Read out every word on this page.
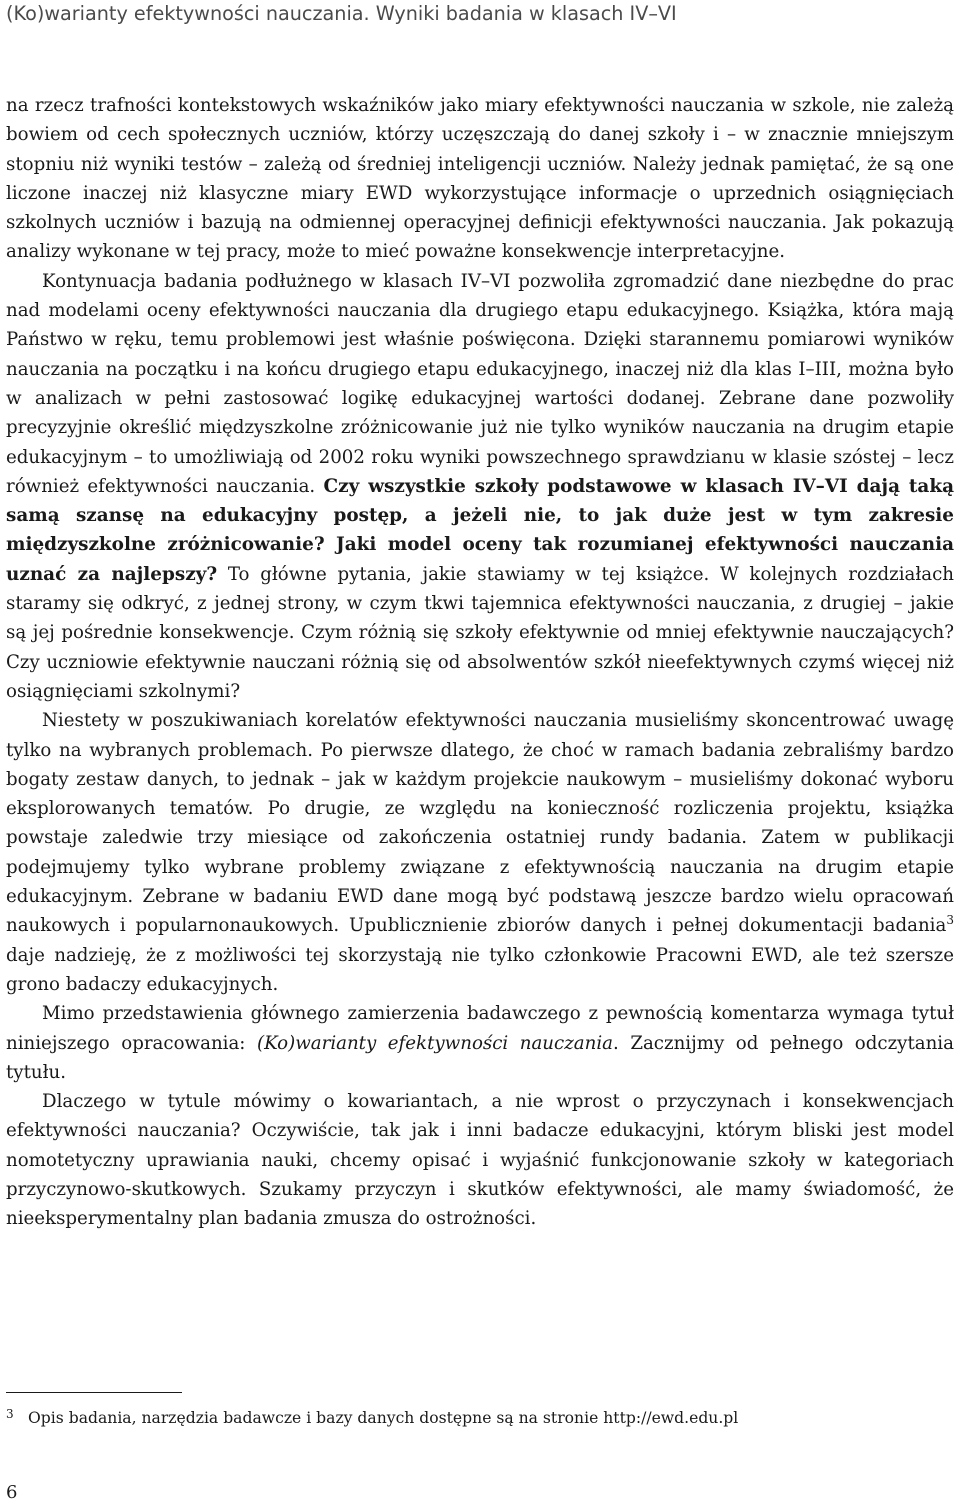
(Ko)warianty efektywności nauczania. Wyniki badania w klasach IV–VI

na rzecz trafności kontekstowych wskaźników jako miary efektywności nauczania w szkole, nie zależą bowiem od cech społecznych uczniów, którzy uczęszczają do danej szkoły i – w znacznie mniejszym stopniu niż wyniki testów – zależą od średniej inteligencji uczniów. Należy jednak pamiętać, że są one liczone inaczej niż klasyczne miary EWD wykorzystujące informacje o uprzednich osiągnięciach szkolnych uczniów i bazują na odmiennej operacyjnej definicji efektywności nauczania. Jak pokazują analizy wykonane w tej pracy, może to mieć poważne konsekwencje interpretacyjne.

Kontynuacja badania podłużnego w klasach IV–VI pozwoliła zgromadzić dane niezbędne do prac nad modelami oceny efektywności nauczania dla drugiego etapu edukacyjnego. Książka, która mają Państwo w ręku, temu problemowi jest właśnie poświęcona. Dzięki starannemu pomiarowi wyników nauczania na początku i na końcu drugiego etapu edukacyjnego, inaczej niż dla klas I–III, można było w analizach w pełni zastosować logikę edukacyjnej wartości dodanej. Zebrane dane pozwoliły precyzyjnie określić międzyszkolne zróżnicowanie już nie tylko wyników nauczania na drugim etapie edukacyjnym – to umożliwiają od 2002 roku wyniki powszechnego sprawdzianu w klasie szóstej – lecz również efektywności nauczania. Czy wszystkie szkoły podstawowe w klasach IV–VI dają taką samą szansę na edukacyjny postęp, a jeżeli nie, to jak duże jest w tym zakresie międzyszkolne zróżnicowanie? Jaki model oceny tak rozumianej efektywności nauczania uznać za najlepszy? To główne pytania, jakie stawiamy w tej książce. W kolejnych rozdziałach staramy się odkryć, z jednej strony, w czym tkwi tajemnica efektywności nauczania, z drugiej – jakie są jej pośrednie konsekwencje. Czym różnią się szkoły efektywnie od mniej efektywnie nauczających? Czy uczniowie efektywnie nauczani różnią się od absolwentów szkół nieefektywnych czymś więcej niż osiągnięciami szkolnymi?

Niestety w poszukiwaniach korelatów efektywności nauczania musieliśmy skoncentrować uwagę tylko na wybranych problemach. Po pierwsze dlatego, że choć w ramach badania zebraliśmy bardzo bogaty zestaw danych, to jednak – jak w każdym projekcie naukowym – musieliśmy dokonać wyboru eksplorowanych tematów. Po drugie, ze względu na konieczność rozliczenia projektu, książka powstaje zaledwie trzy miesiące od zakończenia ostatniej rundy badania. Zatem w publikacji podejmujemy tylko wybrane problemy związane z efektywnością nauczania na drugim etapie edukacyjnym. Zebrane w badaniu EWD dane mogą być podstawą jeszcze bardzo wielu opracowań naukowych i popularnonaukowych. Upublicznienie zbiorów danych i pełnej dokumentacji badania$^3$ daje nadzieję, że z możliwości tej skorzystają nie tylko członkowie Pracowni EWD, ale też szersze grono badaczy edukacyjnych.

Mimo przedstawienia głównego zamierzenia badawczego z pewnością komentarza wymaga tytuł niniejszego opracowania: (Ko)warianty efektywności nauczania. Zacznijmy od pełnego odczytania tytułu.

Dlaczego w tytule mówimy o kowariantach, a nie wprost o przyczynach i konsekwencjach efektywności nauczania? Oczywiście, tak jak i inni badacze edukacyjni, którym bliski jest model nomotetyczny uprawiania nauki, chcemy opisać i wyjaśnić funkcjonowanie szkoły w kategoriach przyczynowo-skutkowych. Szukamy przyczyn i skutków efektywności, ale mamy świadomość, że nieeksperymentalny plan badania zmusza do ostrożności.

3 Opis badania, narzędzia badawcze i bazy danych dostępne są na stronie http://ewd.edu.pl
6
